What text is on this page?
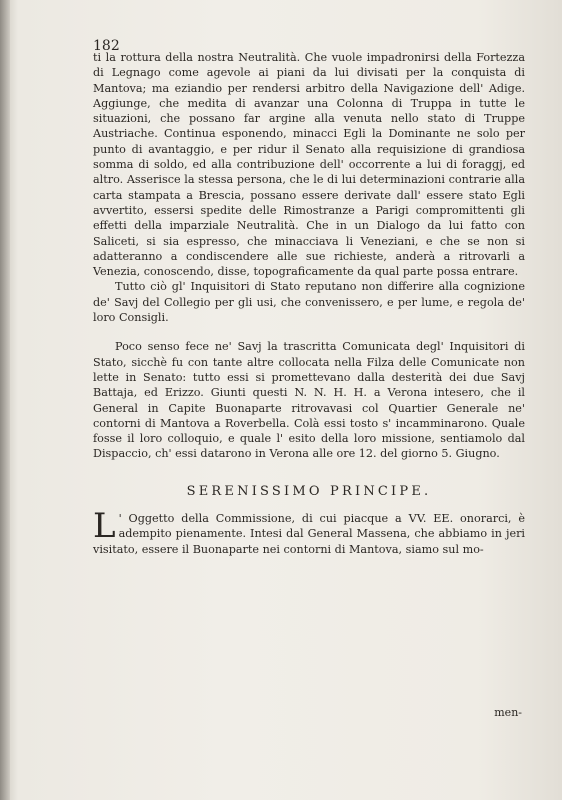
182

ti la rottura della nostra Neutralità. Che vuole impadronirsi della Fortezza di Legnago come agevole ai piani da lui divisati per la conquista di Mantova; ma eziandio per rendersi arbitro della Navigazione dell' Adige. Aggiunge, che medita di avanzar una Colonna di Truppa in tutte le situazioni, che possano far argine alla venuta nello stato di Truppe Austriache. Continua esponendo, minacci Egli la Dominante ne solo per punto di avantaggio, e per ridur il Senato alla requisizione di grandiosa somma di soldo, ed alla contribuzione dell' occorrente a lui di foraggj, ed altro. Asserisce la stessa persona, che le di lui determinazioni contrarie alla carta stampata a Brescia, possano essere derivate dall' essere stato Egli avvertito, essersi spedite delle Rimostranze a Parigi compromittenti gli effetti della imparziale Neutralità. Che in un Dialogo da lui fatto con Saliceti, si sia espresso, che minacciava li Veneziani, e che se non si adatteranno a condiscendere alle sue richieste, anderà a ritrovarli a Venezia, conoscendo, disse, topograficamente da qual parte possa entrare.

Tutto ciò gl' Inquisitori di Stato reputano non differire alla cognizione de' Savj del Collegio per gli usi, che convenissero, e per lume, e regola de' loro Consigli.

Poco senso fece ne' Savj la trascritta Comunicata degl' Inquisitori di Stato, sicchè fu con tante altre collocata nella Filza delle Comunicate non lette in Senato: tutto essi si promettevano dalla desterità dei due Savj Battaja, ed Erizzo. Giunti questi N. N. H. H. a Verona intesero, che il General in Capite Buonaparte ritrovavasi col Quartier Generale ne' contorni di Mantova a Roverbella. Colà essi tosto s' incamminarono. Quale fosse il loro colloquio, e quale l' esito della loro missione, sentiamolo dal Dispaccio, ch' essi datarono in Verona alle ore 12. del giorno 5. Giugno.

SERENISSIMO PRINCIPE.

L ' Oggetto della Commissione, di cui piacque a VV. EE. onorarci, è adempito pienamente. Intesi dal General Massena, che abbiamo in jeri visitato, essere il Buonaparte nei contorni di Mantova, siamo sul mo-

men-
